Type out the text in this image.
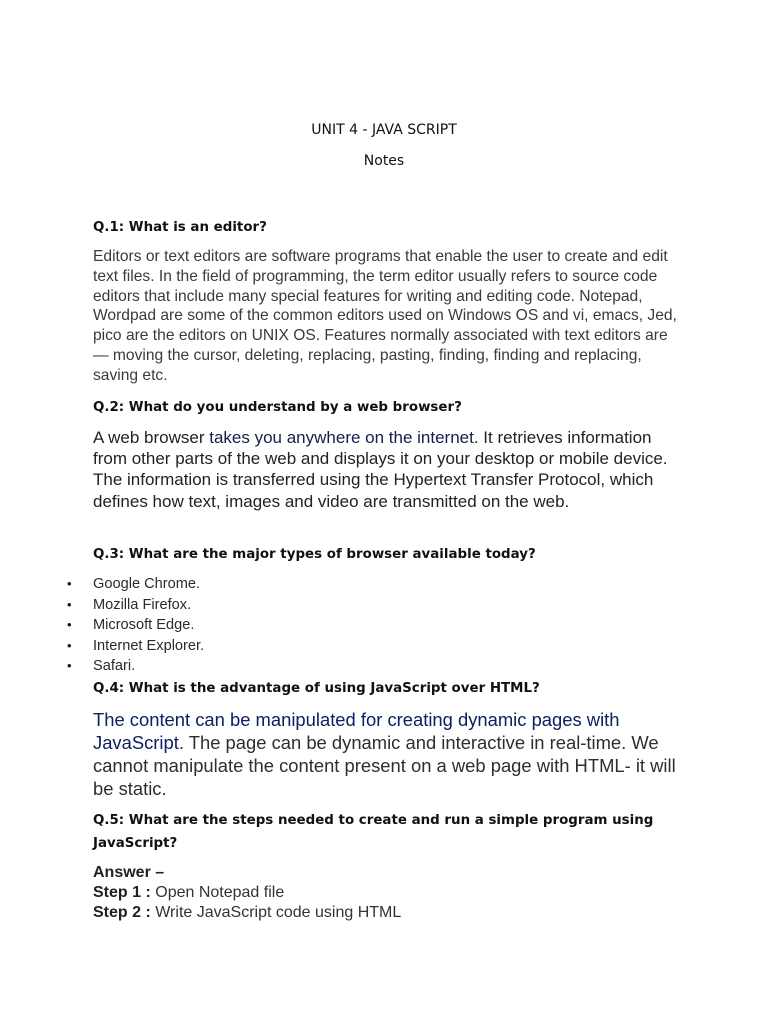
UNIT 4 - JAVA SCRIPT
Notes
Q.1: What is an editor?
Editors or text editors are software programs that enable the user to create and edit text files. In the field of programming, the term editor usually refers to source code editors that include many special features for writing and editing code. Notepad, Wordpad are some of the common editors used on Windows OS and vi, emacs, Jed, pico are the editors on UNIX OS. Features normally associated with text editors are — moving the cursor, deleting, replacing, pasting, finding, finding and replacing, saving etc.
Q.2: What do you understand by a web browser?
A web browser takes you anywhere on the internet. It retrieves information from other parts of the web and displays it on your desktop or mobile device. The information is transferred using the Hypertext Transfer Protocol, which defines how text, images and video are transmitted on the web.
Q.3: What are the major types of browser available today?
• Google Chrome.
• Mozilla Firefox.
• Microsoft Edge.
• Internet Explorer.
• Safari.
Q.4: What is the advantage of using JavaScript over HTML?
The content can be manipulated for creating dynamic pages with JavaScript. The page can be dynamic and interactive in real-time. We cannot manipulate the content present on a web page with HTML- it will be static.
Q.5: What are the steps needed to create and run a simple program using
JavaScript?
Answer –
Step 1 : Open Notepad file
Step 2 : Write JavaScript code using HTML
